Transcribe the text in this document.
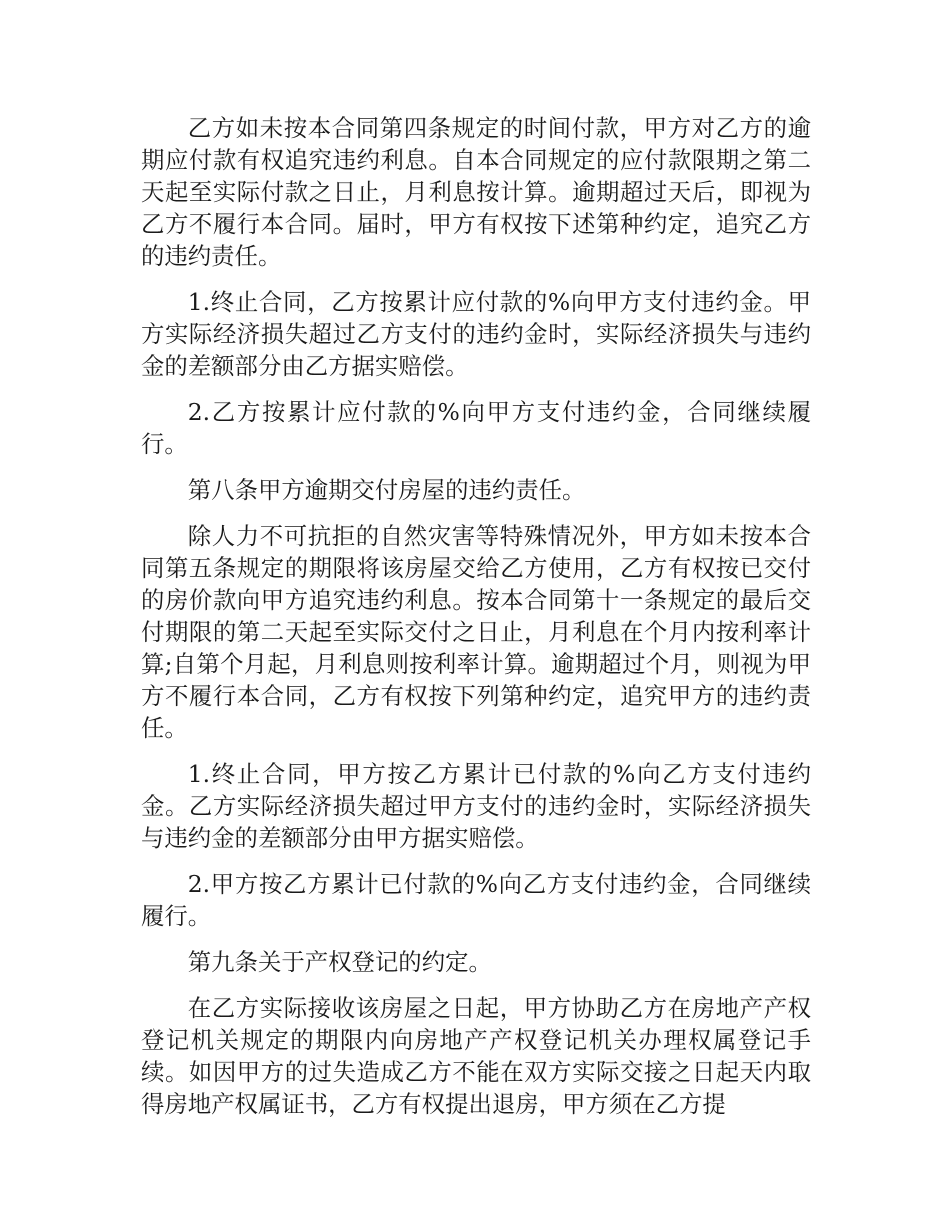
乙方如未按本合同第四条规定的时间付款，甲方对乙方的逾期应付款有权追究违约利息。自本合同规定的应付款限期之第二天起至实际付款之日止，月利息按计算。逾期超过天后，即视为乙方不履行本合同。届时，甲方有权按下述第种约定，追究乙方的违约责任。

1.终止合同，乙方按累计应付款的%向甲方支付违约金。甲方实际经济损失超过乙方支付的违约金时，实际经济损失与违约金的差额部分由乙方据实赔偿。

2.乙方按累计应付款的%向甲方支付违约金，合同继续履行。

第八条甲方逾期交付房屋的违约责任。

除人力不可抗拒的自然灾害等特殊情况外，甲方如未按本合同第五条规定的期限将该房屋交给乙方使用，乙方有权按已交付的房价款向甲方追究违约利息。按本合同第十一条规定的最后交付期限的第二天起至实际交付之日止，月利息在个月内按利率计算;自第个月起，月利息则按利率计算。逾期超过个月，则视为甲方不履行本合同，乙方有权按下列第种约定，追究甲方的违约责任。

1.终止合同，甲方按乙方累计已付款的%向乙方支付违约金。乙方实际经济损失超过甲方支付的违约金时，实际经济损失与违约金的差额部分由甲方据实赔偿。

2.甲方按乙方累计已付款的%向乙方支付违约金，合同继续履行。

第九条关于产权登记的约定。

在乙方实际接收该房屋之日起，甲方协助乙方在房地产产权登记机关规定的期限内向房地产产权登记机关办理权属登记手续。如因甲方的过失造成乙方不能在双方实际交接之日起天内取得房地产权属证书，乙方有权提出退房，甲方须在乙方提
